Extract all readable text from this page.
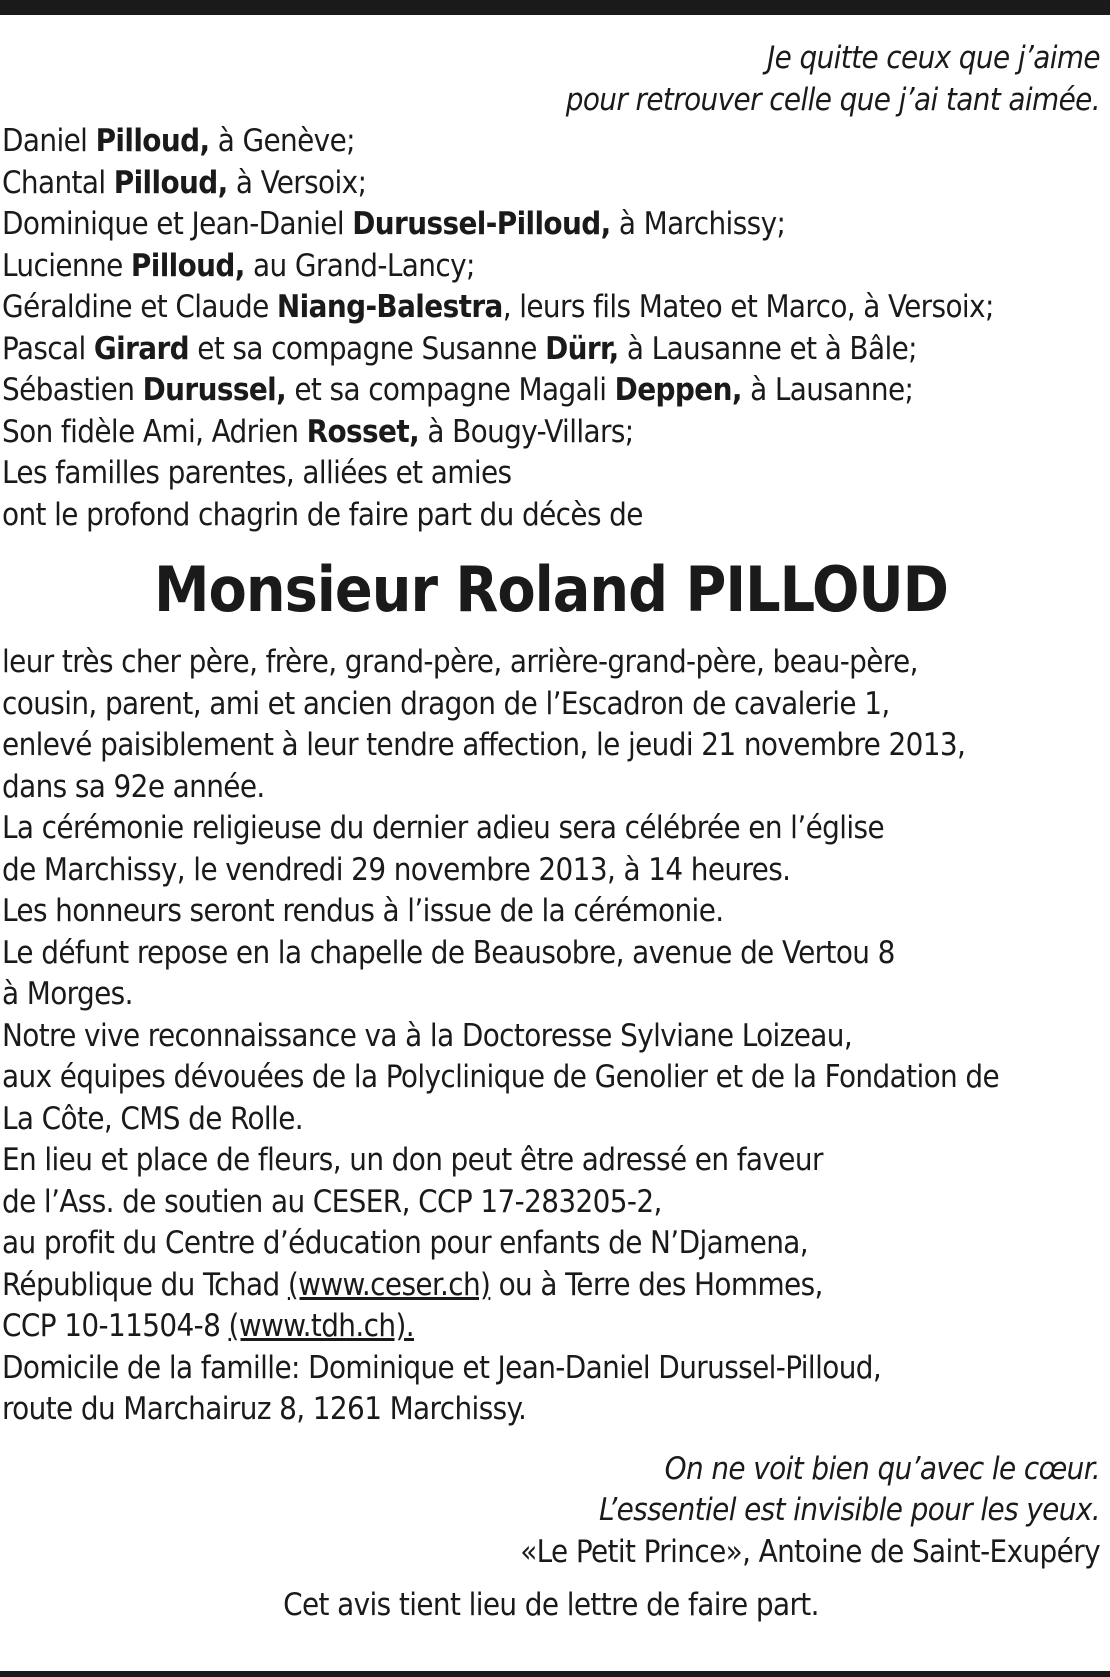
Je quitte ceux que j’aime
pour retrouver celle que j’ai tant aimée.
Daniel Pilloud, à Genève;
Chantal Pilloud, à Versoix;
Dominique et Jean-Daniel Durussel-Pilloud, à Marchissy;
Lucienne Pilloud, au Grand-Lancy;
Géraldine et Claude Niang-Balestra, leurs fils Mateo et Marco, à Versoix;
Pascal Girard et sa compagne Susanne Dürr, à Lausanne et à Bâle;
Sébastien Durussel, et sa compagne Magali Deppen, à Lausanne;
Son fidèle Ami, Adrien Rosset, à Bougy-Villars;
Les familles parentes, alliées et amies
ont le profond chagrin de faire part du décès de
Monsieur Roland PILLOUD
leur très cher père, frère, grand-père, arrière-grand-père, beau-père,
cousin, parent, ami et ancien dragon de l’Escadron de cavalerie 1,
enlevé paisiblement à leur tendre affection, le jeudi 21 novembre 2013,
dans sa 92e année.
La cérémonie religieuse du dernier adieu sera célébrée en l’église
de Marchissy, le vendredi 29 novembre 2013, à 14 heures.
Les honneurs seront rendus à l’issue de la cérémonie.
Le défunt repose en la chapelle de Beausobre, avenue de Vertou 8
à Morges.
Notre vive reconnaissance va à la Doctoresse Sylviane Loizeau,
aux équipes dévouées de la Polyclinique de Genolier et de la Fondation de
La Côte, CMS de Rolle.
En lieu et place de fleurs, un don peut être adressé en faveur
de l’Ass. de soutien au CESER, CCP 17-283205-2,
au profit du Centre d’éducation pour enfants de N’Djamena,
République du Tchad (www.ceser.ch) ou à Terre des Hommes,
CCP 10-11504-8 (www.tdh.ch).
Domicile de la famille: Dominique et Jean-Daniel Durussel-Pilloud,
route du Marchairuz 8, 1261 Marchissy.
On ne voit bien qu’avec le cœur.
L’essentiel est invisible pour les yeux.
«Le Petit Prince», Antoine de Saint-Exupéry
Cet avis tient lieu de lettre de faire part.
